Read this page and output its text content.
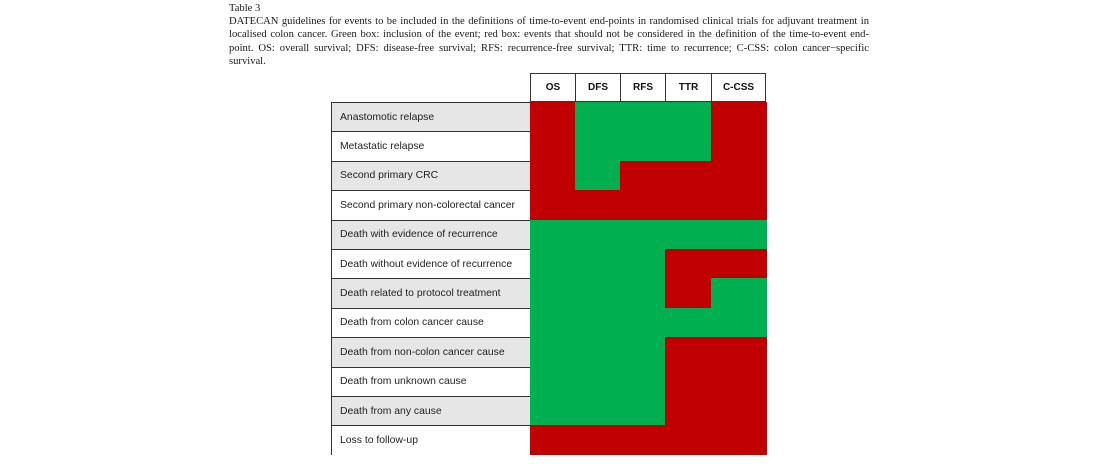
Table 3
DATECAN guidelines for events to be included in the definitions of time-to-event end-points in randomised clinical trials for adjuvant treatment in localised colon cancer. Green box: inclusion of the event; red box: events that should not be considered in the definition of the time-to-event end-point. OS: overall survival; DFS: disease-free survival; RFS: recurrence-free survival; TTR: time to recurrence; C-CSS: colon cancer−specific survival.
OS	DFS	RFS	TTR	C-CSS
Anastomotic relapse
Metastatic relapse
Second primary CRC
Second primary non-colorectal cancer
Death with evidence of recurrence
Death without evidence of recurrence
Death related to protocol treatment
Death from colon cancer cause
Death from non-colon cancer cause
Death from unknown cause
Death from any cause
Loss to follow-up
